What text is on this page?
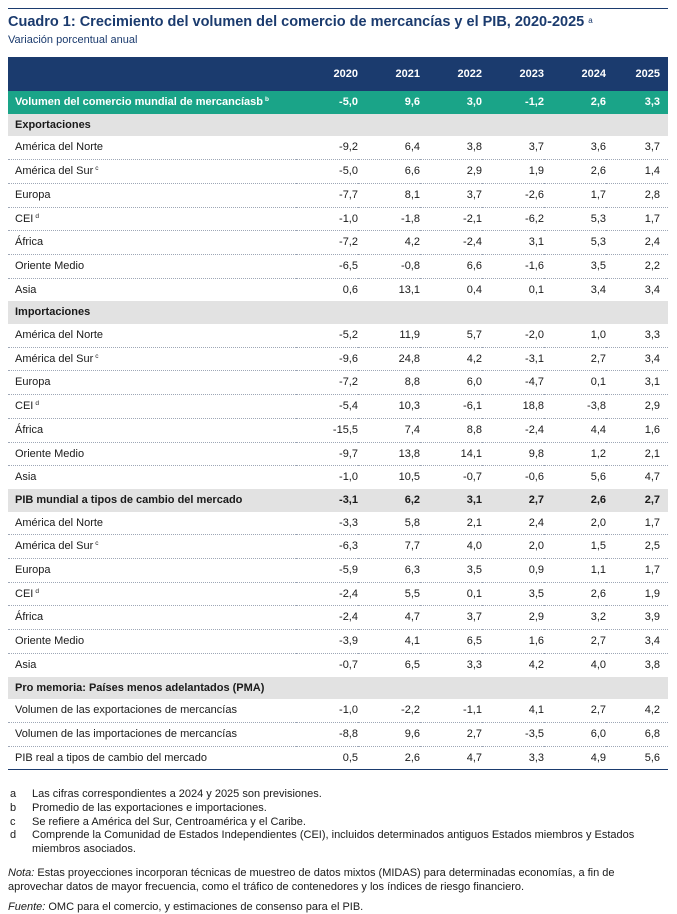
Cuadro 1: Crecimiento del volumen del comercio de mercancías y el PIB, 2020-2025 $^a$
Variación porcentual anual
	2020	2021	2022	2023	2024	2025
Volumen del comercio mundial de mercancíasb $^b$	-5,0	9,6	3,0	-1,2	2,6	3,3
Exportaciones						
América del Norte	-9,2	6,4	3,8	3,7	3,6	3,7
América del Sur $^c$	-5,0	6,6	2,9	1,9	2,6	1,4
Europa	-7,7	8,1	3,7	-2,6	1,7	2,8
CEI $^d$	-1,0	-1,8	-2,1	-6,2	5,3	1,7
África	-7,2	4,2	-2,4	3,1	5,3	2,4
Oriente Medio	-6,5	-0,8	6,6	-1,6	3,5	2,2
Asia	0,6	13,1	0,4	0,1	3,4	3,4
Importaciones						
América del Norte	-5,2	11,9	5,7	-2,0	1,0	3,3
América del Sur $^c$	-9,6	24,8	4,2	-3,1	2,7	3,4
Europa	-7,2	8,8	6,0	-4,7	0,1	3,1
CEI $^d$	-5,4	10,3	-6,1	18,8	-3,8	2,9
África	-15,5	7,4	8,8	-2,4	4,4	1,6
Oriente Medio	-9,7	13,8	14,1	9,8	1,2	2,1
Asia	-1,0	10,5	-0,7	-0,6	5,6	4,7
PIB mundial a tipos de cambio del mercado	-3,1	6,2	3,1	2,7	2,6	2,7
América del Norte	-3,3	5,8	2,1	2,4	2,0	1,7
América del Sur $^c$	-6,3	7,7	4,0	2,0	1,5	2,5
Europa	-5,9	6,3	3,5	0,9	1,1	1,7
CEI $^d$	-2,4	5,5	0,1	3,5	2,6	1,9
África	-2,4	4,7	3,7	2,9	3,2	3,9
Oriente Medio	-3,9	4,1	6,5	1,6	2,7	3,4
Asia	-0,7	6,5	3,3	4,2	4,0	3,8
Pro memoria: Países menos adelantados (PMA)						
Volumen de las exportaciones de mercancías	-1,0	-2,2	-1,1	4,1	2,7	4,2
Volumen de las importaciones de mercancías	-8,8	9,6	2,7	-3,5	6,0	6,8
PIB real a tipos de cambio del mercado	0,5	2,6	4,7	3,3	4,9	5,6
a	Las cifras correspondientes a 2024 y 2025 son previsiones.
b	Promedio de las exportaciones e importaciones.
c	Se refiere a América del Sur, Centroamérica y el Caribe.
d	Comprende la Comunidad de Estados Independientes (CEI), incluidos determinados antiguos Estados miembros y Estados miembros asociados.
Nota: Estas proyecciones incorporan técnicas de muestreo de datos mixtos (MIDAS) para determinadas economías, a fin de aprovechar datos de mayor frecuencia, como el tráfico de contenedores y los índices de riesgo financiero.
Fuente: OMC para el comercio, y estimaciones de consenso para el PIB.
